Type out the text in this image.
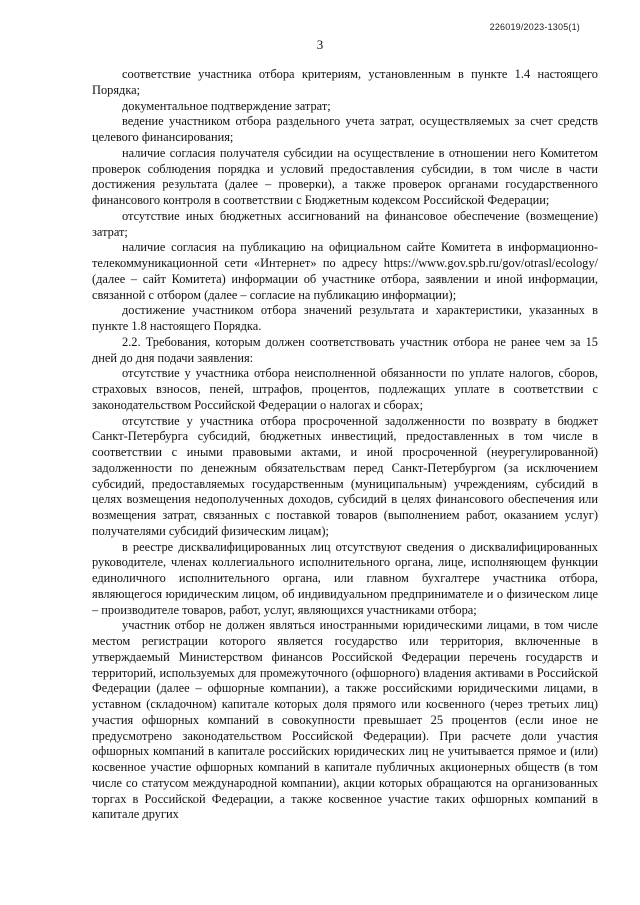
226019/2023-1305(1)
3

соответствие участника отбора критериям, установленным в пункте 1.4 настоящего Порядка;

документальное подтверждение затрат;

ведение участником отбора раздельного учета затрат, осуществляемых за счет средств целевого финансирования;

наличие согласия получателя субсидии на осуществление в отношении него Комитетом проверок соблюдения порядка и условий предоставления субсидии, в том числе в части достижения результата (далее – проверки), а также проверок органами государственного финансового контроля в соответствии с Бюджетным кодексом Российской Федерации;

отсутствие иных бюджетных ассигнований на финансовое обеспечение (возмещение) затрат;

наличие согласия на публикацию на официальном сайте Комитета в информационно-телекоммуникационной сети «Интернет» по адресу https://www.gov.spb.ru/gov/otrasl/ecology/ (далее – сайт Комитета) информации об участнике отбора, заявлении и иной информации, связанной с отбором (далее – согласие на публикацию информации);

достижение участником отбора значений результата и характеристики, указанных в пункте 1.8 настоящего Порядка.

2.2. Требования, которым должен соответствовать участник отбора не ранее чем за 15 дней до дня подачи заявления:

отсутствие у участника отбора неисполненной обязанности по уплате налогов, сборов, страховых взносов, пеней, штрафов, процентов, подлежащих уплате в соответствии с законодательством Российской Федерации о налогах и сборах;

отсутствие у участника отбора просроченной задолженности по возврату в бюджет Санкт-Петербурга субсидий, бюджетных инвестиций, предоставленных в том числе в соответствии с иными правовыми актами, и иной просроченной (неурегулированной) задолженности по денежным обязательствам перед Санкт-Петербургом (за исключением субсидий, предоставляемых государственным (муниципальным) учреждениям, субсидий в целях возмещения недополученных доходов, субсидий в целях финансового обеспечения или возмещения затрат, связанных с поставкой товаров (выполнением работ, оказанием услуг) получателями субсидий физическим лицам);

в реестре дисквалифицированных лиц отсутствуют сведения о дисквалифицированных руководителе, членах коллегиального исполнительного органа, лице, исполняющем функции единоличного исполнительного органа, или главном бухгалтере участника отбора, являющегося юридическим лицом, об индивидуальном предпринимателе и о физическом лице – производителе товаров, работ, услуг, являющихся участниками отбора;

участник отбор не должен являться иностранными юридическими лицами, в том числе местом регистрации которого является государство или территория, включенные в утверждаемый Министерством финансов Российской Федерации перечень государств и территорий, используемых для промежуточного (офшорного) владения активами в Российской Федерации (далее – офшорные компании), а также российскими юридическими лицами, в уставном (складочном) капитале которых доля прямого или косвенного (через третьих лиц) участия офшорных компаний в совокупности превышает 25 процентов (если иное не предусмотрено законодательством Российской Федерации). При расчете доли участия офшорных компаний в капитале российских юридических лиц не учитывается прямое и (или) косвенное участие офшорных компаний в капитале публичных акционерных обществ (в том числе со статусом международной компании), акции которых обращаются на организованных торгах в Российской Федерации, а также косвенное участие таких офшорных компаний в капитале других
